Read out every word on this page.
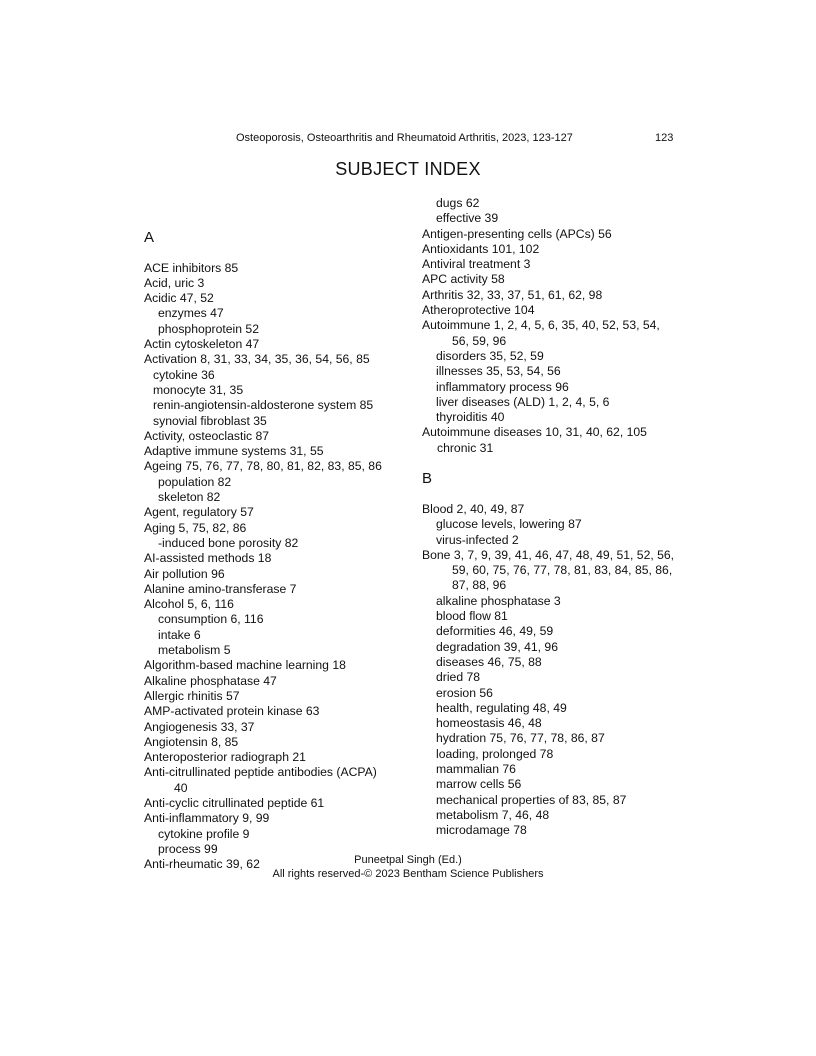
Osteoporosis, Osteoarthritis and Rheumatoid Arthritis, 2023, 123-127	123
SUBJECT INDEX
A
ACE inhibitors 85
Acid, uric 3
Acidic 47, 52
enzymes 47
phosphoprotein 52
Actin cytoskeleton 47
Activation 8, 31, 33, 34, 35, 36, 54, 56, 85
cytokine 36
monocyte 31, 35
renin-angiotensin-aldosterone system 85
synovial fibroblast 35
Activity, osteoclastic 87
Adaptive immune systems 31, 55
Ageing 75, 76, 77, 78, 80, 81, 82, 83, 85, 86
population 82
skeleton 82
Agent, regulatory 57
Aging 5, 75, 82, 86
-induced bone porosity 82
AI-assisted methods 18
Air pollution 96
Alanine amino-transferase 7
Alcohol 5, 6, 116
consumption 6, 116
intake 6
metabolism 5
Algorithm-based machine learning 18
Alkaline phosphatase 47
Allergic rhinitis 57
AMP-activated protein kinase 63
Angiogenesis 33, 37
Angiotensin 8, 85
Anteroposterior radiograph 21
Anti-citrullinated peptide antibodies (ACPA)
40
Anti-cyclic citrullinated peptide 61
Anti-inflammatory 9, 99
cytokine profile 9
process 99
Anti-rheumatic 39, 62
dugs 62
effective 39
Antigen-presenting cells (APCs) 56
Antioxidants 101, 102
Antiviral treatment 3
APC activity 58
Arthritis 32, 33, 37, 51, 61, 62, 98
Atheroprotective 104
Autoimmune 1, 2, 4, 5, 6, 35, 40, 52, 53, 54,
56, 59, 96
disorders 35, 52, 59
illnesses 35, 53, 54, 56
inflammatory process 96
liver diseases (ALD) 1, 2, 4, 5, 6
thyroiditis 40
Autoimmune diseases 10, 31, 40, 62, 105
chronic 31
B
Blood 2, 40, 49, 87
glucose levels, lowering 87
virus-infected 2
Bone 3, 7, 9, 39, 41, 46, 47, 48, 49, 51, 52, 56,
59, 60, 75, 76, 77, 78, 81, 83, 84, 85, 86,
87, 88, 96
alkaline phosphatase 3
blood flow 81
deformities 46, 49, 59
degradation 39, 41, 96
diseases 46, 75, 88
dried 78
erosion 56
health, regulating 48, 49
homeostasis 46, 48
hydration 75, 76, 77, 78, 86, 87
loading, prolonged 78
mammalian 76
marrow cells 56
mechanical properties of 83, 85, 87
metabolism 7, 46, 48
microdamage 78
Puneetpal Singh (Ed.)
All rights reserved-© 2023 Bentham Science Publishers
